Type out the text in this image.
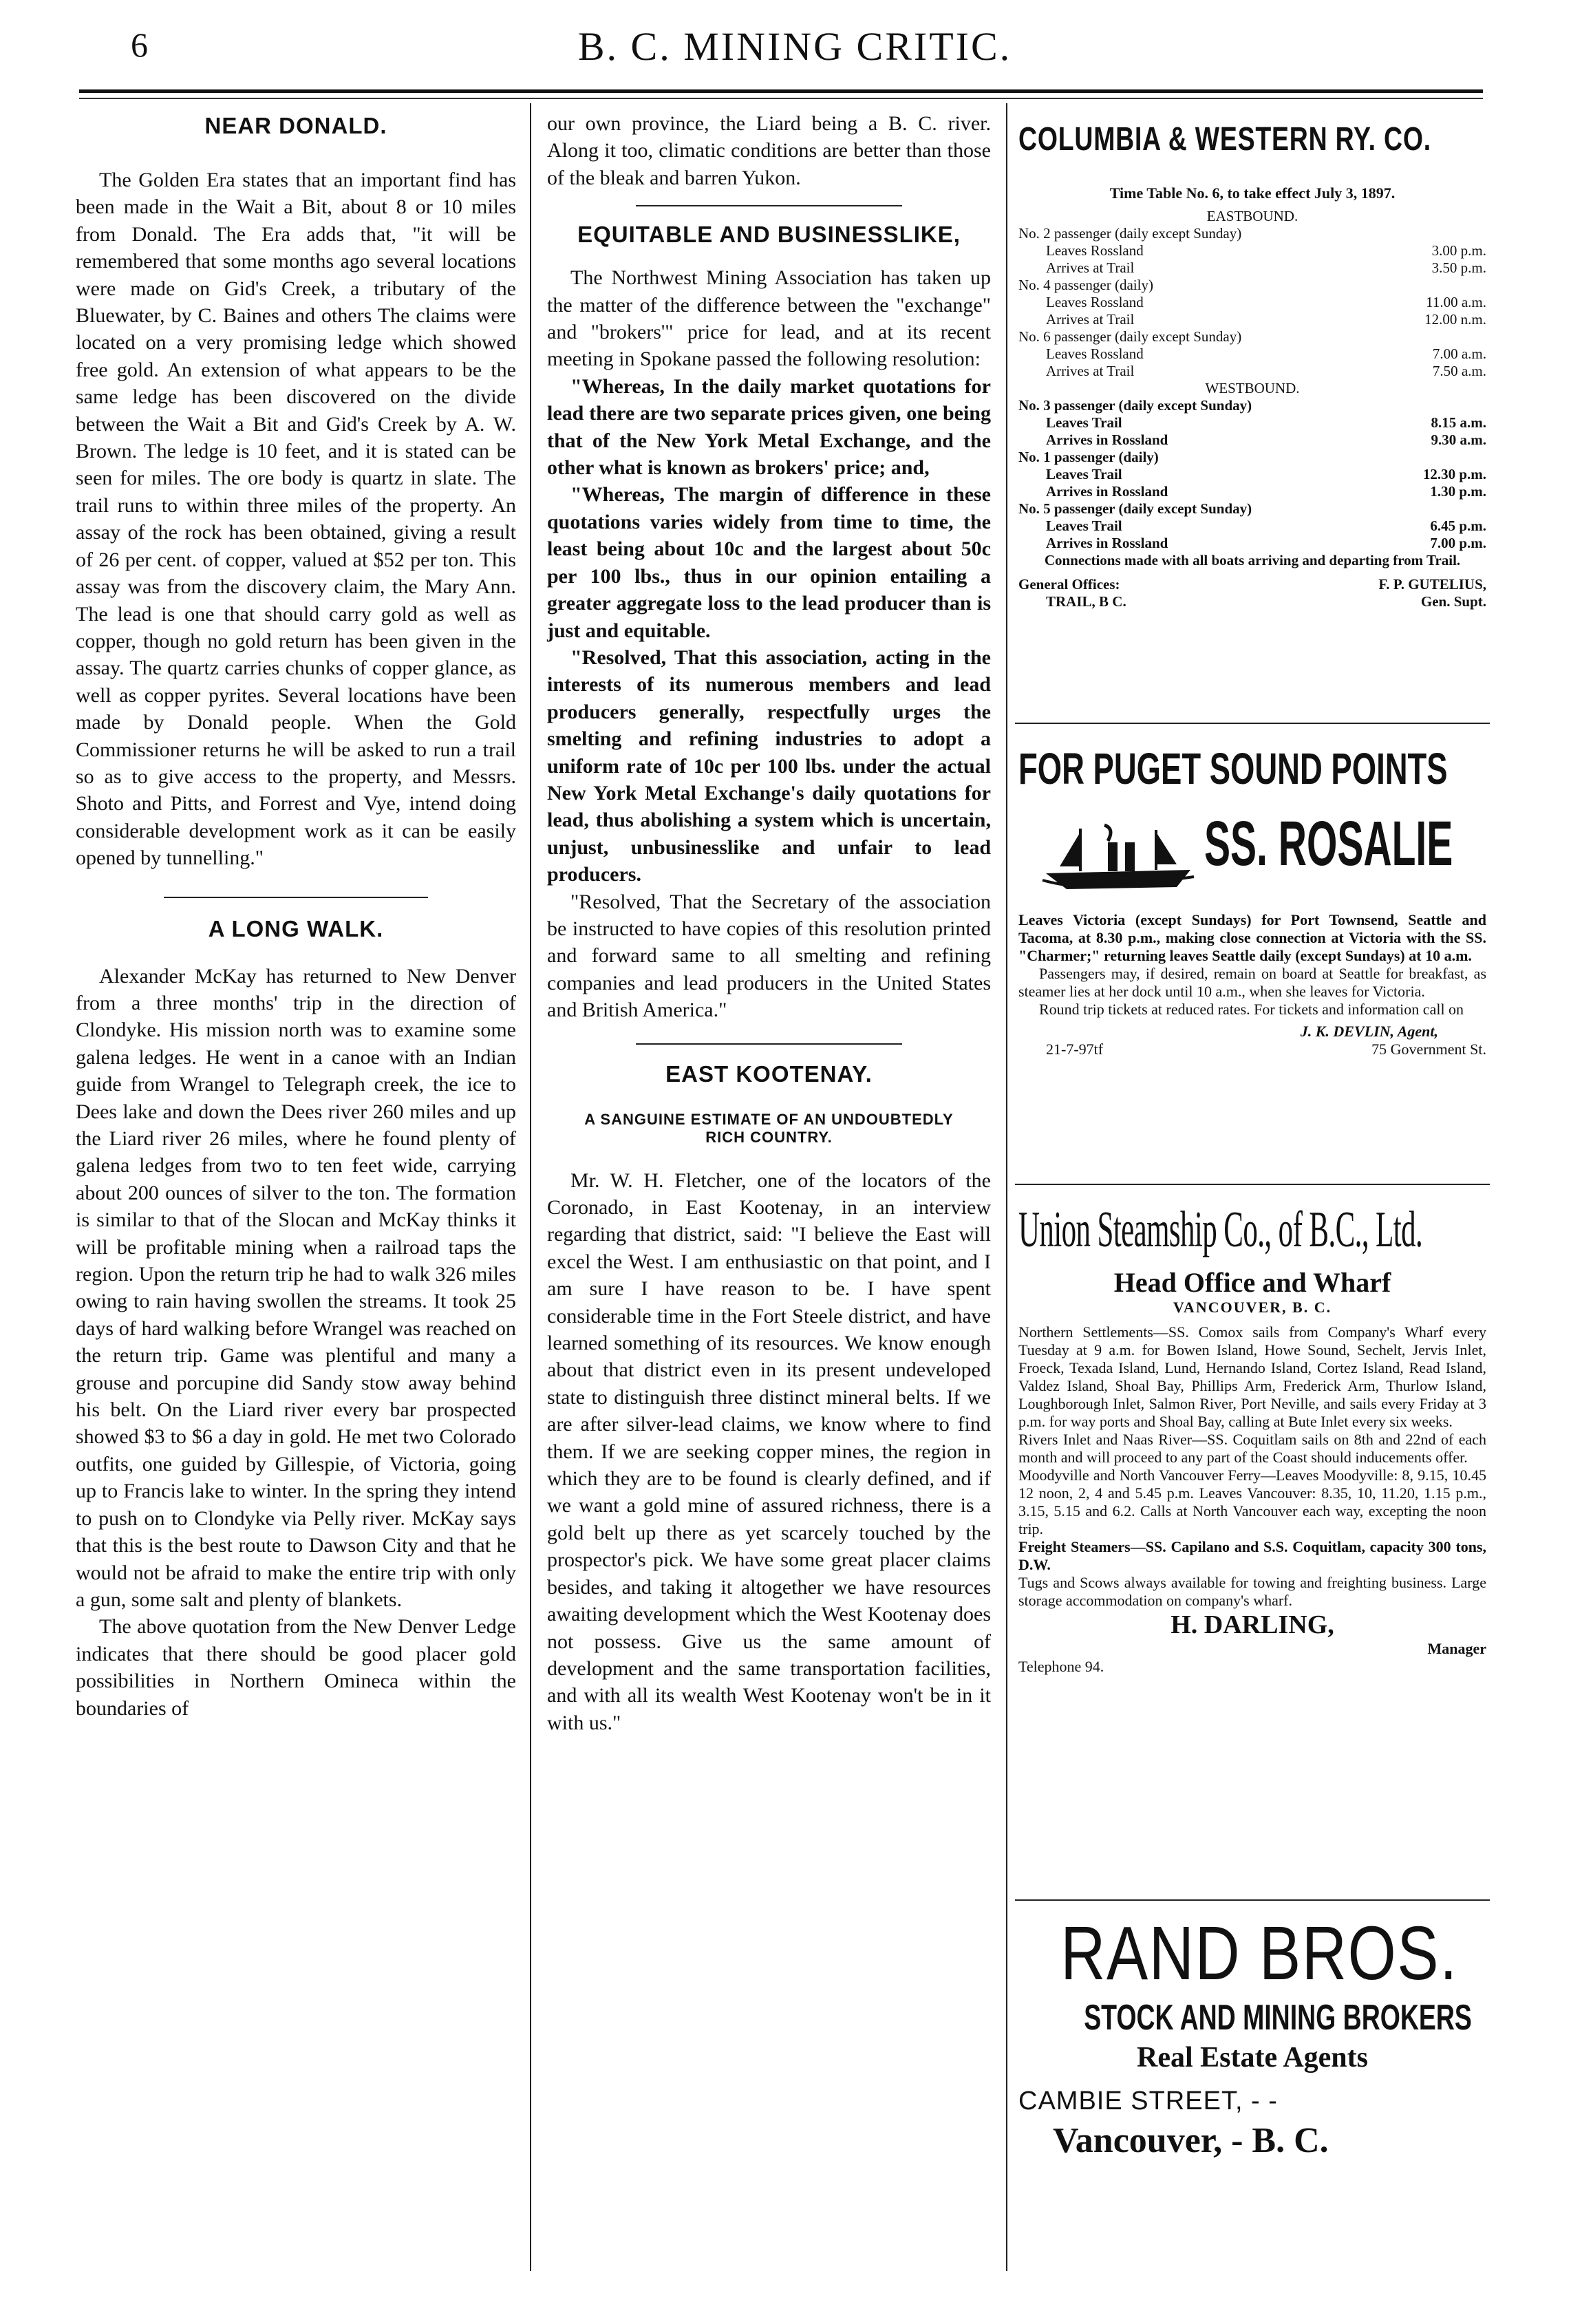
6	B. C. MINING CRITIC.
NEAR DONALD.

The Golden Era states that an important find has been made in the Wait a Bit, about 8 or 10 miles from Donald. The Era adds that, "it will be remembered that some months ago several locations were made on Gid's Creek, a tributary of the Bluewater, by C. Baines and others The claims were located on a very promising ledge which showed free gold. An extension of what appears to be the same ledge has been discovered on the divide between the Wait a Bit and Gid's Creek by A. W. Brown. The ledge is 10 feet, and it is stated can be seen for miles. The ore body is quartz in slate. The trail runs to within three miles of the property. An assay of the rock has been obtained, giving a result of 26 per cent. of copper, valued at $52 per ton. This assay was from the discovery claim, the Mary Ann. The lead is one that should carry gold as well as copper, though no gold return has been given in the assay. The quartz carries chunks of copper glance, as well as copper pyrites. Several locations have been made by Donald people. When the Gold Commissioner returns he will be asked to run a trail so as to give access to the property, and Messrs. Shoto and Pitts, and Forrest and Vye, intend doing considerable development work as it can be easily opened by tunnelling."

A LONG WALK.

Alexander McKay has returned to New Denver from a three months' trip in the direction of Clondyke. His mission north was to examine some galena ledges. He went in a canoe with an Indian guide from Wrangel to Telegraph creek, the ice to Dees lake and down the Dees river 260 miles and up the Liard river 26 miles, where he found plenty of galena ledges from two to ten feet wide, carrying about 200 ounces of silver to the ton. The formation is similar to that of the Slocan and McKay thinks it will be profitable mining when a railroad taps the region. Upon the return trip he had to walk 326 miles owing to rain having swollen the streams. It took 25 days of hard walking before Wrangel was reached on the return trip. Game was plentiful and many a grouse and porcupine did Sandy stow away behind his belt. On the Liard river every bar prospected showed $3 to $6 a day in gold. He met two Colorado outfits, one guided by Gillespie, of Victoria, going up to Francis lake to winter. In the spring they intend to push on to Clondyke via Pelly river. McKay says that this is the best route to Dawson City and that he would not be afraid to make the entire trip with only a gun, some salt and plenty of blankets.

The above quotation from the New Denver Ledge indicates that there should be good placer gold possibilities in Northern Omineca within the boundaries of

our own province, the Liard being a B. C. river. Along it too, climatic conditions are better than those of the bleak and barren Yukon.

EQUITABLE AND BUSINESSLIKE,

The Northwest Mining Association has taken up the matter of the difference between the "exchange" and "brokers'" price for lead, and at its recent meeting in Spokane passed the following resolution:

"Whereas, In the daily market quotations for lead there are two separate prices given, one being that of the New York Metal Exchange, and the other what is known as brokers' price; and,

"Whereas, The margin of difference in these quotations varies widely from time to time, the least being about 10c and the largest about 50c per 100 lbs., thus in our opinion entailing a greater aggregate loss to the lead producer than is just and equitable.

"Resolved, That this association, acting in the interests of its numerous members and lead producers generally, respectfully urges the smelting and refining industries to adopt a uniform rate of 10c per 100 lbs. under the actual New York Metal Exchange's daily quotations for lead, thus abolishing a system which is uncertain, unjust, unbusinesslike and unfair to lead producers.

"Resolved, That the Secretary of the association be instructed to have copies of this resolution printed and forward same to all smelting and refining companies and lead producers in the United States and British America."

EAST KOOTENAY.
A SANGUINE ESTIMATE OF AN UNDOUBTEDLY RICH COUNTRY.

Mr. W. H. Fletcher, one of the locators of the Coronado, in East Kootenay, in an interview regarding that district, said: "I believe the East will excel the West. I am enthusiastic on that point, and I am sure I have reason to be. I have spent considerable time in the Fort Steele district, and have learned something of its resources. We know enough about that district even in its present undeveloped state to distinguish three distinct mineral belts. If we are after silver-lead claims, we know where to find them. If we are seeking copper mines, the region in which they are to be found is clearly defined, and if we want a gold mine of assured richness, there is a gold belt up there as yet scarcely touched by the prospector's pick. We have some great placer claims besides, and taking it altogether we have resources awaiting development which the West Kootenay does not possess. Give us the same amount of development and the same transportation facilities, and with all its wealth West Kootenay won't be in it with us."

COLUMBIA & WESTERN RY. CO.
Time Table No. 6, to take effect July 3, 1897.
EASTBOUND.
No. 2 passenger (daily except Sunday)
Leaves Rossland	3.00 p.m.
Arrives at Trail	3.50 p.m.
No. 4 passenger (daily)
Leaves Rossland	11.00 a.m.
Arrives at Trail	12.00 n.m.
No. 6 passenger (daily except Sunday)
Leaves Rossland	7.00 a.m.
Arrives at Trail	7.50 a.m.
WESTBOUND.
No. 3 passenger (daily except Sunday)
Leaves Trail	8.15 a.m.
Arrives in Rossland	9.30 a.m.
No. 1 passenger (daily)
Leaves Trail	12.30 p.m.
Arrives in Rossland	1.30 p.m.
No. 5 passenger (daily except Sunday)
Leaves Trail	6.45 p.m.
Arrives in Rossland	7.00 p.m.
Connections made with all boats arriving and departing from Trail.
General Offices:	F. P. GUTELIUS,
TRAIL, B C.	Gen. Supt.
FOR PUGET SOUND POINTS
SS. ROSALIE
Leaves Victoria (except Sundays) for Port Townsend, Seattle and Tacoma, at 8.30 p.m., making close connection at Victoria with the SS. "Charmer;" returning leaves Seattle daily (except Sundays) at 10 a.m.
Passengers may, if desired, remain on board at Seattle for breakfast, as steamer lies at her dock until 10 a.m., when she leaves for Victoria.
Round trip tickets at reduced rates. For tickets and information call on
J. K. DEVLIN, Agent,
21-7-97tf	75 Government St.
Union Steamship Co., of B.C., Ltd.
Head Office and Wharf
VANCOUVER, B. C.
Northern Settlements—SS. Comox sails from Company's Wharf every Tuesday at 9 a.m. for Bowen Island, Howe Sound, Sechelt, Jervis Inlet, Froeck, Texada Island, Lund, Hernando Island, Cortez Island, Read Island, Valdez Island, Shoal Bay, Phillips Arm, Frederick Arm, Thurlow Island, Loughborough Inlet, Salmon River, Port Neville, and sails every Friday at 3 p.m. for way ports and Shoal Bay, calling at Bute Inlet every six weeks.
Rivers Inlet and Naas River—SS. Coquitlam sails on 8th and 22nd of each month and will proceed to any part of the Coast should inducements offer.
Moodyville and North Vancouver Ferry—Leaves Moodyville: 8, 9.15, 10.45 12 noon, 2, 4 and 5.45 p.m. Leaves Vancouver: 8.35, 10, 11.20, 1.15 p.m., 3.15, 5.15 and 6.2. Calls at North Vancouver each way, excepting the noon trip.
Freight Steamers—SS. Capilano and S.S. Coquitlam, capacity 300 tons, D.W.
Tugs and Scows always available for towing and freighting business. Large storage accommodation on company's wharf.
H. DARLING,
Manager
Telephone 94.
RAND BROS.
STOCK AND MINING BROKERS
Real Estate Agents
CAMBIE STREET, - -
Vancouver, - B. C.
